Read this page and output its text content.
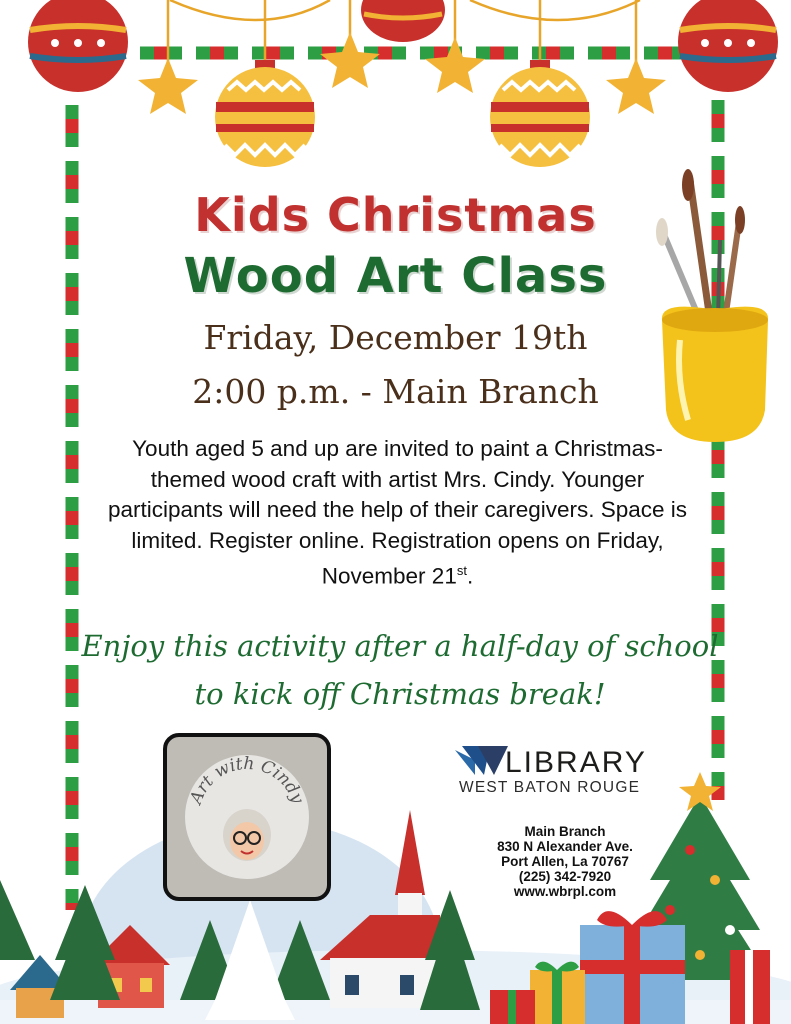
Kids Christmas
Wood Art Class
Friday, December 19th
2:00 p.m. - Main Branch
Youth aged 5 and up are invited to paint a Christmas-themed wood craft with artist Mrs. Cindy. Younger participants will need the help of their caregivers. Space is limited. Register online. Registration opens on Friday, November 21st.
Enjoy this activity after a half-day of school to kick off Christmas break!
Art with Cindy
LIBRARY
WEST BATON ROUGE
Main Branch
830 N Alexander Ave.
Port Allen, La 70767
(225) 342-7920
www.wbrpl.com
